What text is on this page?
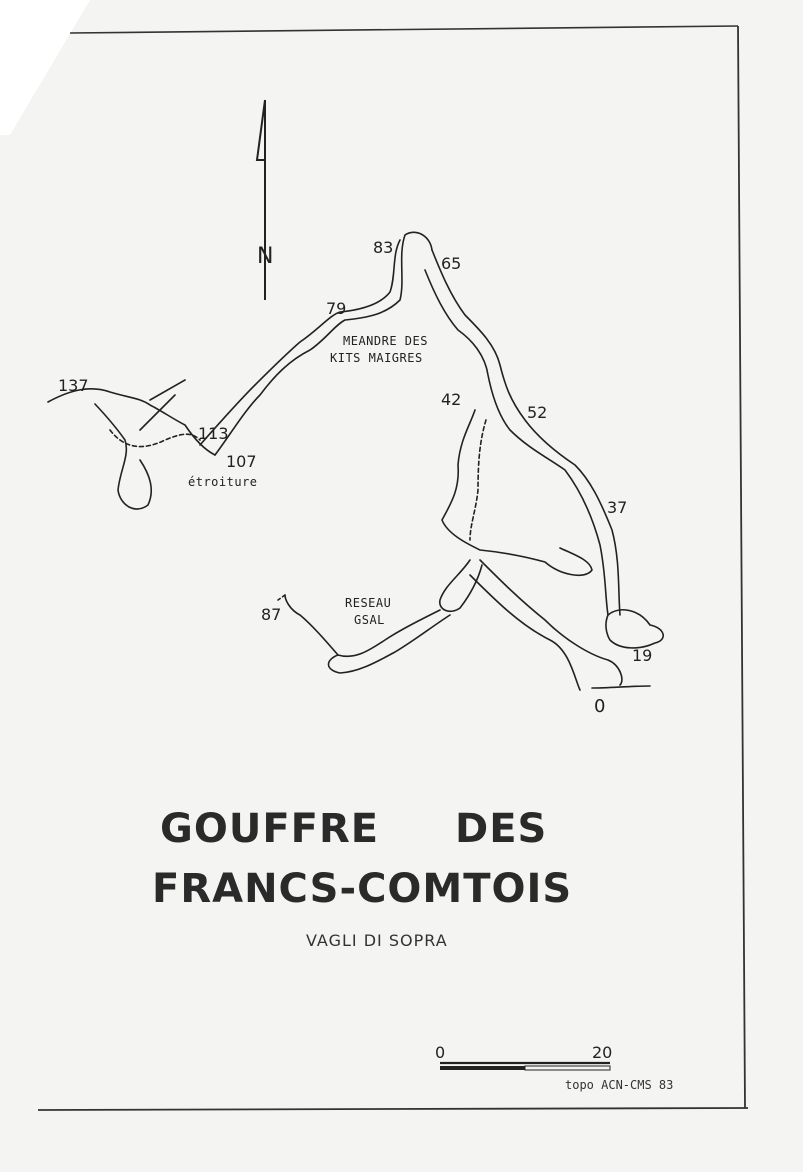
N	83
65
79
137
113
107
42
52
37
87
19
0
MEANDRE DES
KITS MAIGRES
étroiture
RESEAU
GSAL
GOUFFRE DES
FRANCS-COMTOIS
VAGLI DI SOPRA
0	20
topo ACN-CMS 83
